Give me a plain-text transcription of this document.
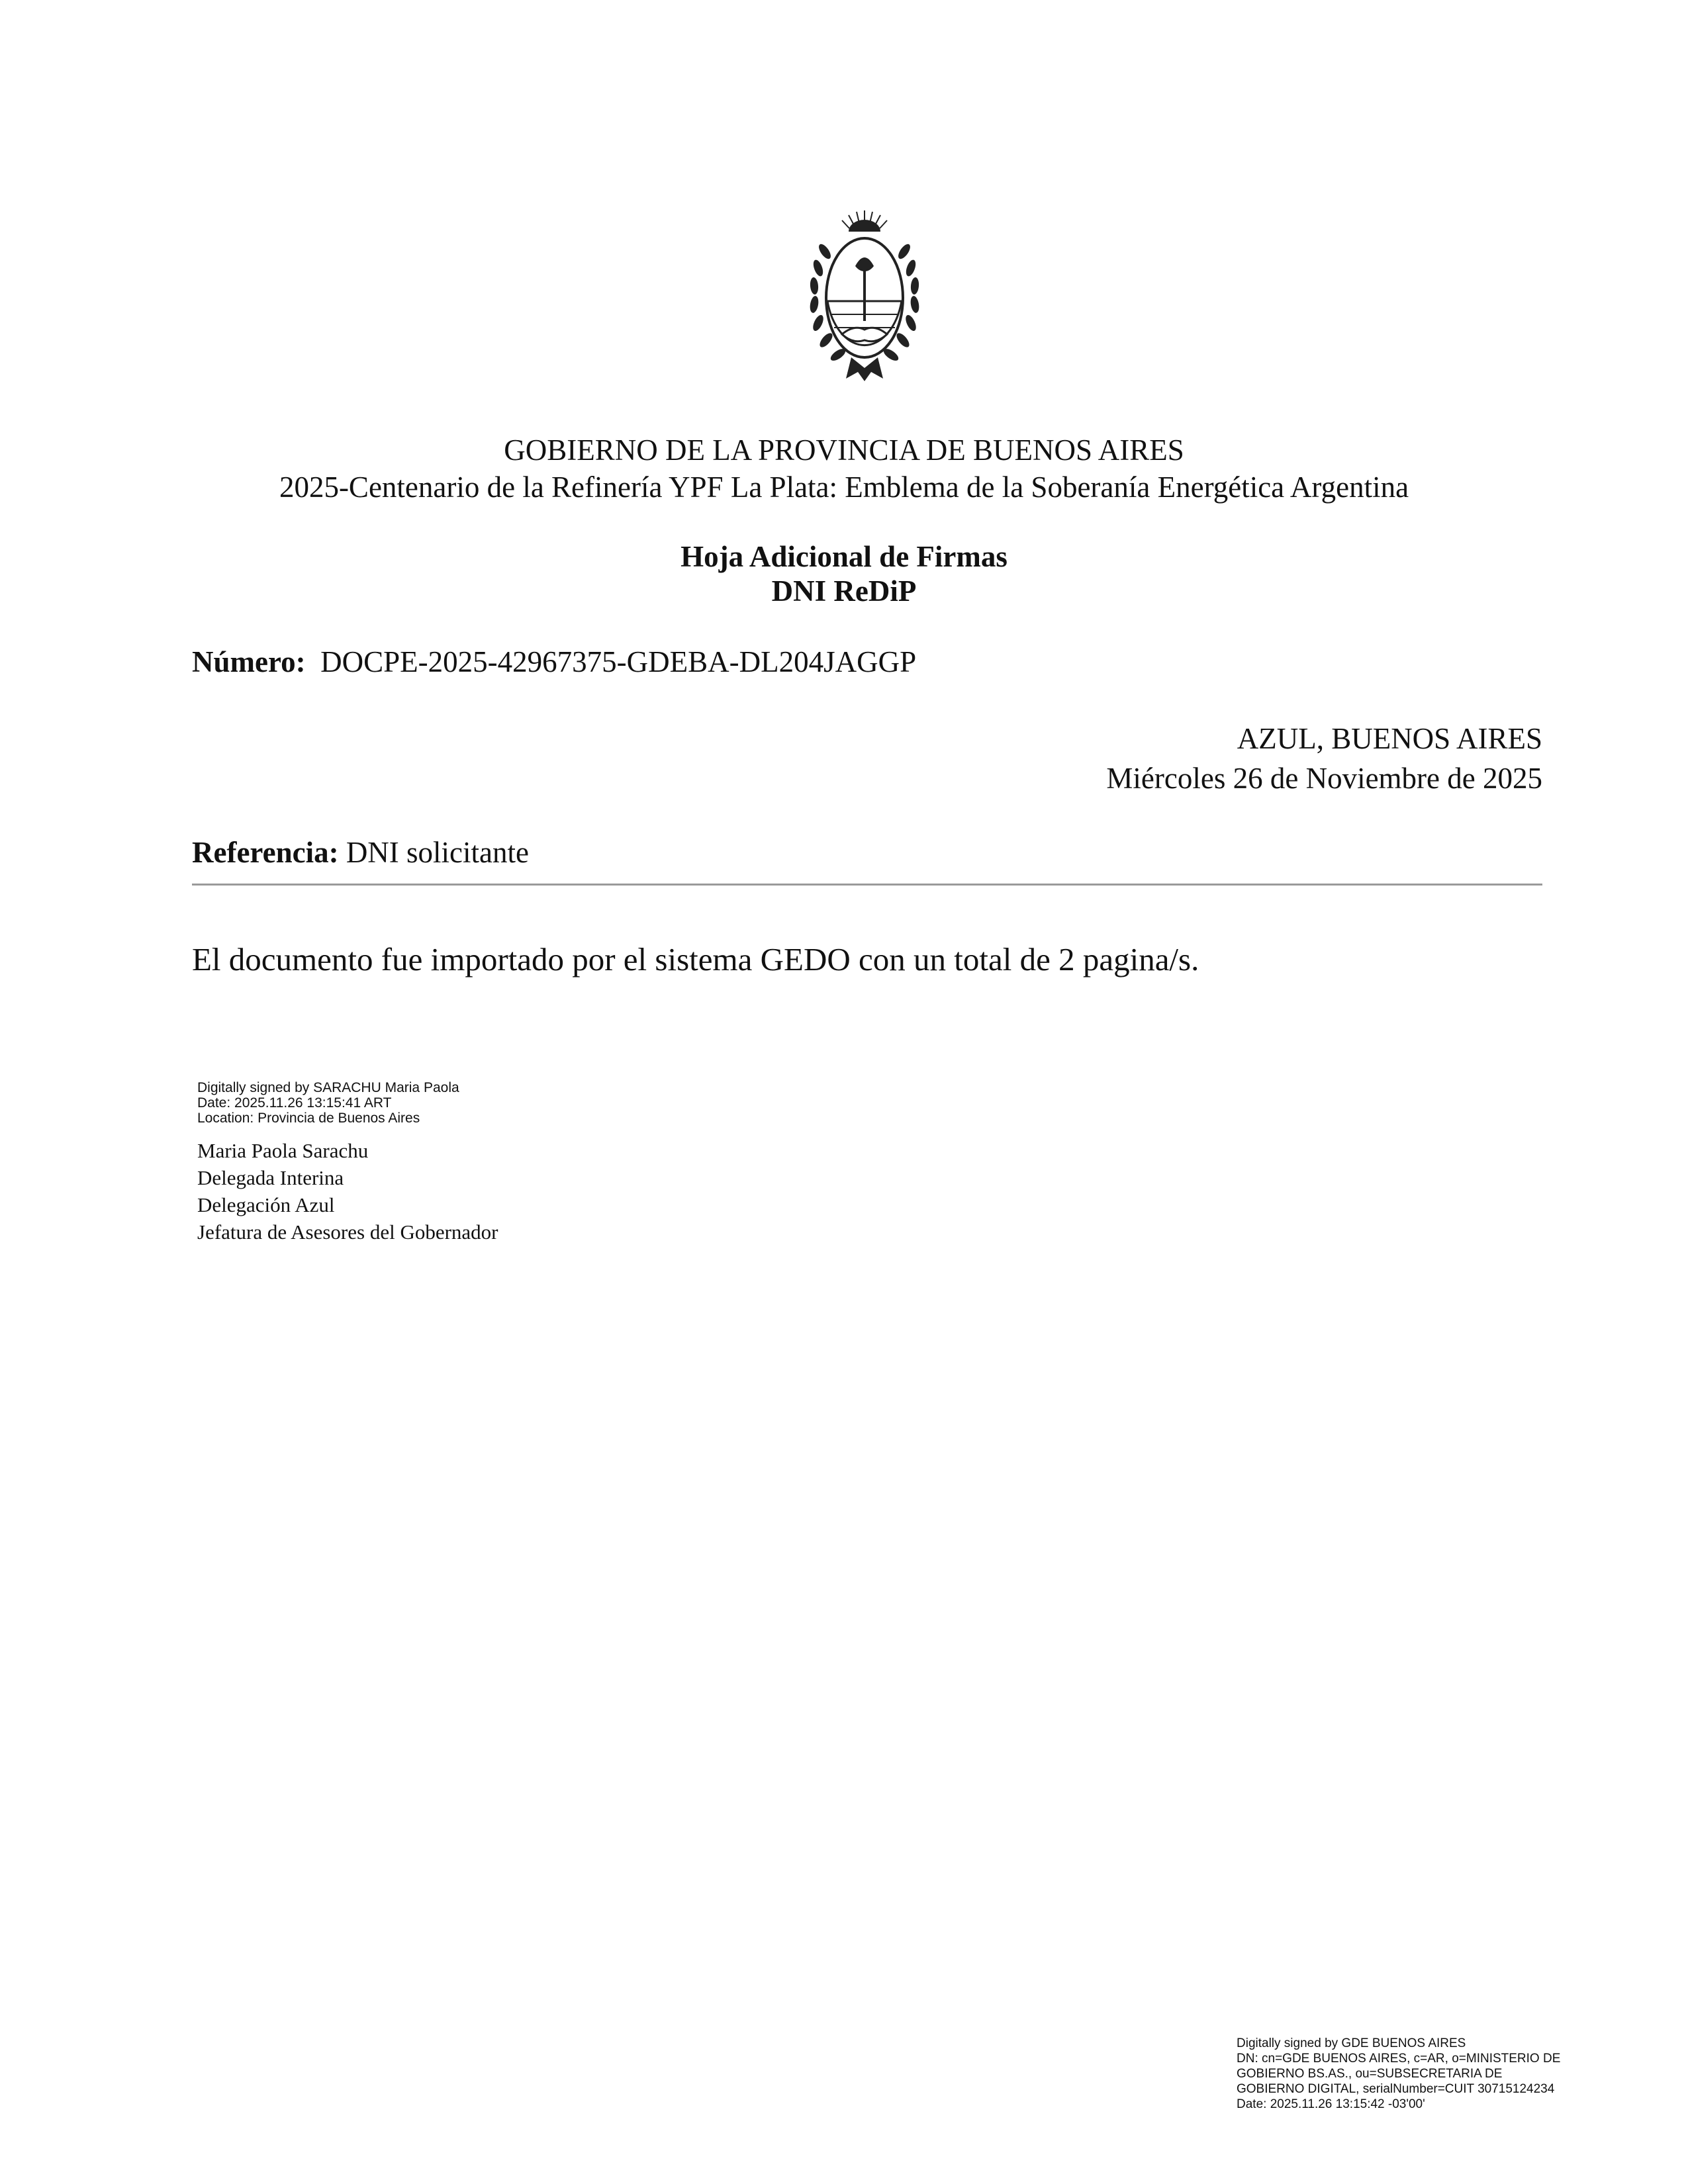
GOBIERNO DE LA PROVINCIA DE BUENOS AIRES
2025-Centenario de la Refinería YPF La Plata: Emblema de la Soberanía Energética Argentina
Hoja Adicional de Firmas
DNI ReDiP
Número: DOCPE-2025-42967375-GDEBA-DL204JAGGP
AZUL, BUENOS AIRES
Miércoles 26 de Noviembre de 2025
Referencia: DNI solicitante
El documento fue importado por el sistema GEDO con un total de 2 pagina/s.
Digitally signed by SARACHU Maria Paola
Date: 2025.11.26 13:15:41 ART
Location: Provincia de Buenos Aires
Maria Paola Sarachu
Delegada Interina
Delegación Azul
Jefatura de Asesores del Gobernador
Digitally signed by GDE BUENOS AIRES
DN: cn=GDE BUENOS AIRES, c=AR, o=MINISTERIO DE
GOBIERNO BS.AS., ou=SUBSECRETARIA DE
GOBIERNO DIGITAL, serialNumber=CUIT 30715124234
Date: 2025.11.26 13:15:42 -03'00'
